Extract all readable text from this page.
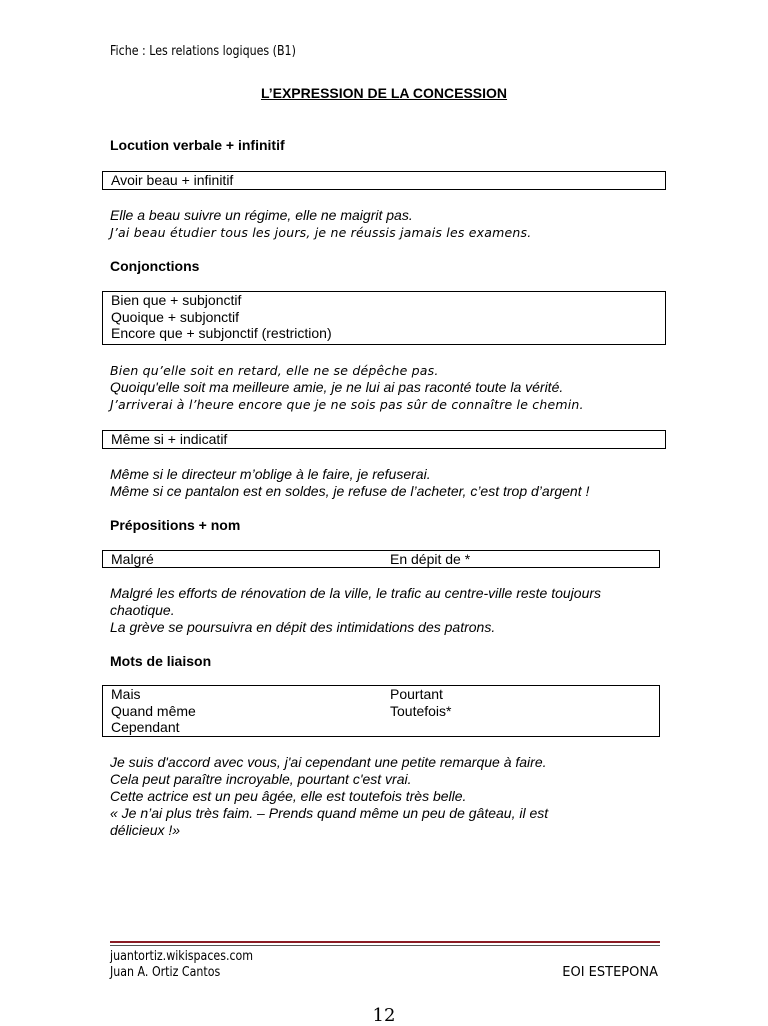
Fiche : Les relations logiques (B1)
L’EXPRESSION DE LA CONCESSION
Locution verbale + infinitif
Avoir beau + infinitif
Elle a beau suivre un régime, elle ne maigrit pas.
J’ai beau étudier tous les jours, je ne réussis jamais les examens.
Conjonctions
Bien que + subjonctif
Quoique + subjonctif
Encore que + subjonctif (restriction)
Bien qu’elle soit en retard, elle ne se dépêche pas.
Quoiqu'elle soit ma meilleure amie, je ne lui ai pas raconté toute la vérité.
J’arriverai à l’heure encore que je ne sois pas sûr de connaître le chemin.
Même si + indicatif
Même si le directeur m’oblige à le faire, je refuserai.
Même si ce pantalon est en soldes, je refuse de l’acheter, c’est trop d’argent !
Prépositions + nom
Malgré	En dépit de *
Malgré les efforts de rénovation de la ville, le trafic au centre-ville reste toujours
chaotique.
La grève se poursuivra en dépit des intimidations des patrons.
Mots de liaison
Mais	Pourtant
Quand même	Toutefois*
Cependant
Je suis d'accord avec vous, j'ai cependant une petite remarque à faire.
Cela peut paraître incroyable, pourtant c'est vrai.
Cette actrice est un peu âgée, elle est toutefois très belle.
« Je n’ai plus très faim. – Prends quand même un peu de gâteau, il est
délicieux !»
juantortiz.wikispaces.com
Juan A. Ortiz Cantos	EOI ESTEPONA
12
